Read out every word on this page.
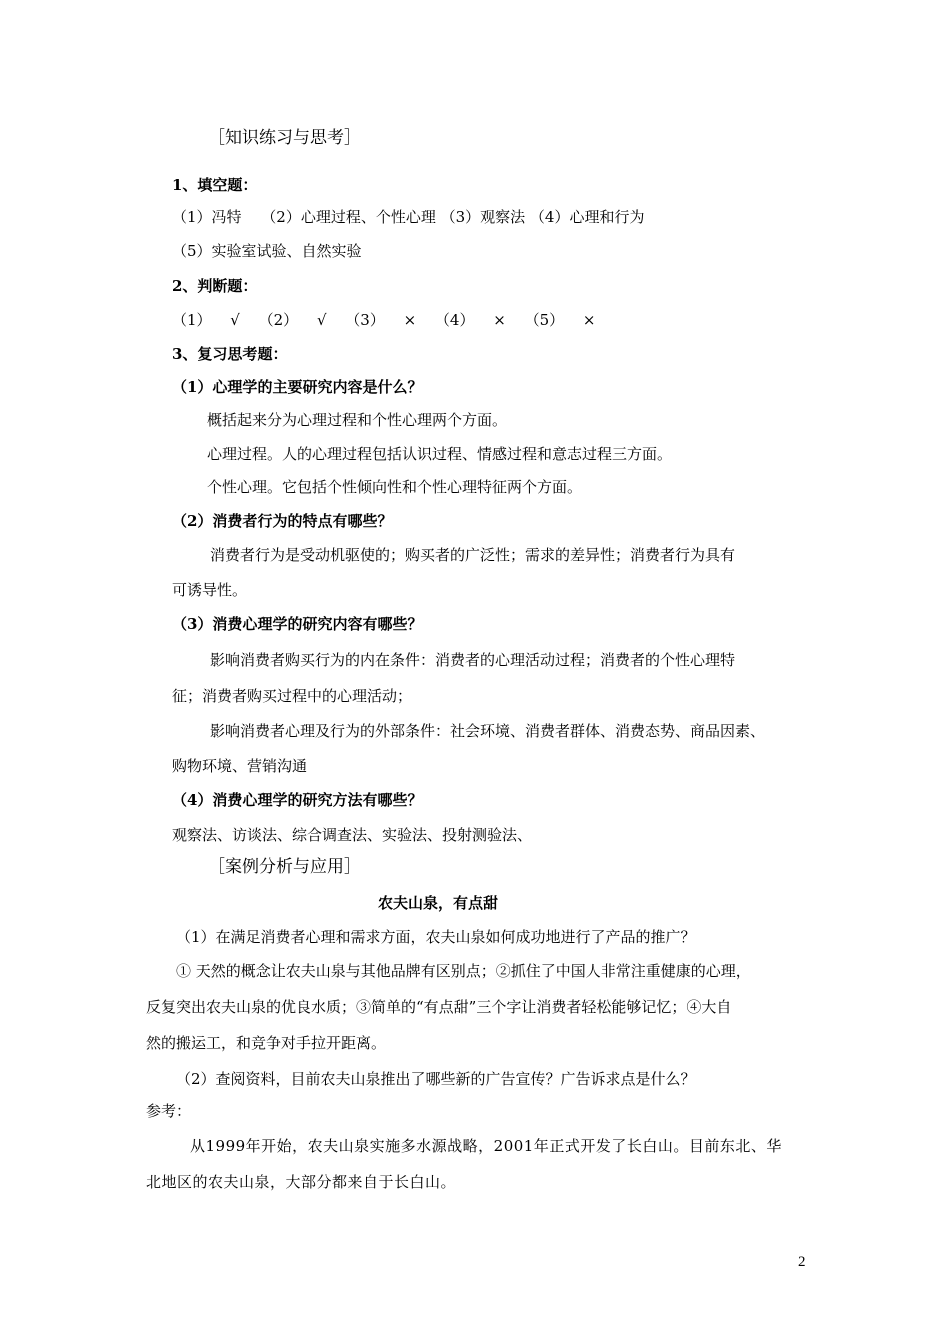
［知识练习与思考］
1、填空题：
（1）冯特　 （2）心理过程、个性心理 （3）观察法 （4）心理和行为
（5）实验室试验、自然实验
2、判断题：
（1） √ （2） √ （3） × （4） × （5） ×
3、复习思考题：
（1）心理学的主要研究内容是什么？
概括起来分为心理过程和个性心理两个方面。
心理过程。人的心理过程包括认识过程、情感过程和意志过程三方面。
个性心理。它包括个性倾向性和个性心理特征两个方面。
（2）消费者行为的特点有哪些？
消费者行为是受动机驱使的；购买者的广泛性；需求的差异性；消费者行为具有
可诱导性。
（3）消费心理学的研究内容有哪些？
影响消费者购买行为的内在条件：消费者的心理活动过程；消费者的个性心理特
征；消费者购买过程中的心理活动；
影响消费者心理及行为的外部条件：社会环境、消费者群体、消费态势、商品因素、
购物环境、营销沟通
（4）消费心理学的研究方法有哪些？
观察法、访谈法、综合调查法、实验法、投射测验法、
［案例分析与应用］
农夫山泉，有点甜
（1）在满足消费者心理和需求方面，农夫山泉如何成功地进行了产品的推广？
① 天然的概念让农夫山泉与其他品牌有区别点；②抓住了中国人非常注重健康的心理，
反复突出农夫山泉的优良水质；③简单的“有点甜”三个字让消费者轻松能够记忆；④大自
然的搬运工，和竞争对手拉开距离。
（2）查阅资料，目前农夫山泉推出了哪些新的广告宣传？广告诉求点是什么？
参考：
从1999年开始，农夫山泉实施多水源战略，2001年正式开发了长白山。目前东北、华
北地区的农夫山泉，大部分都来自于长白山。
2
